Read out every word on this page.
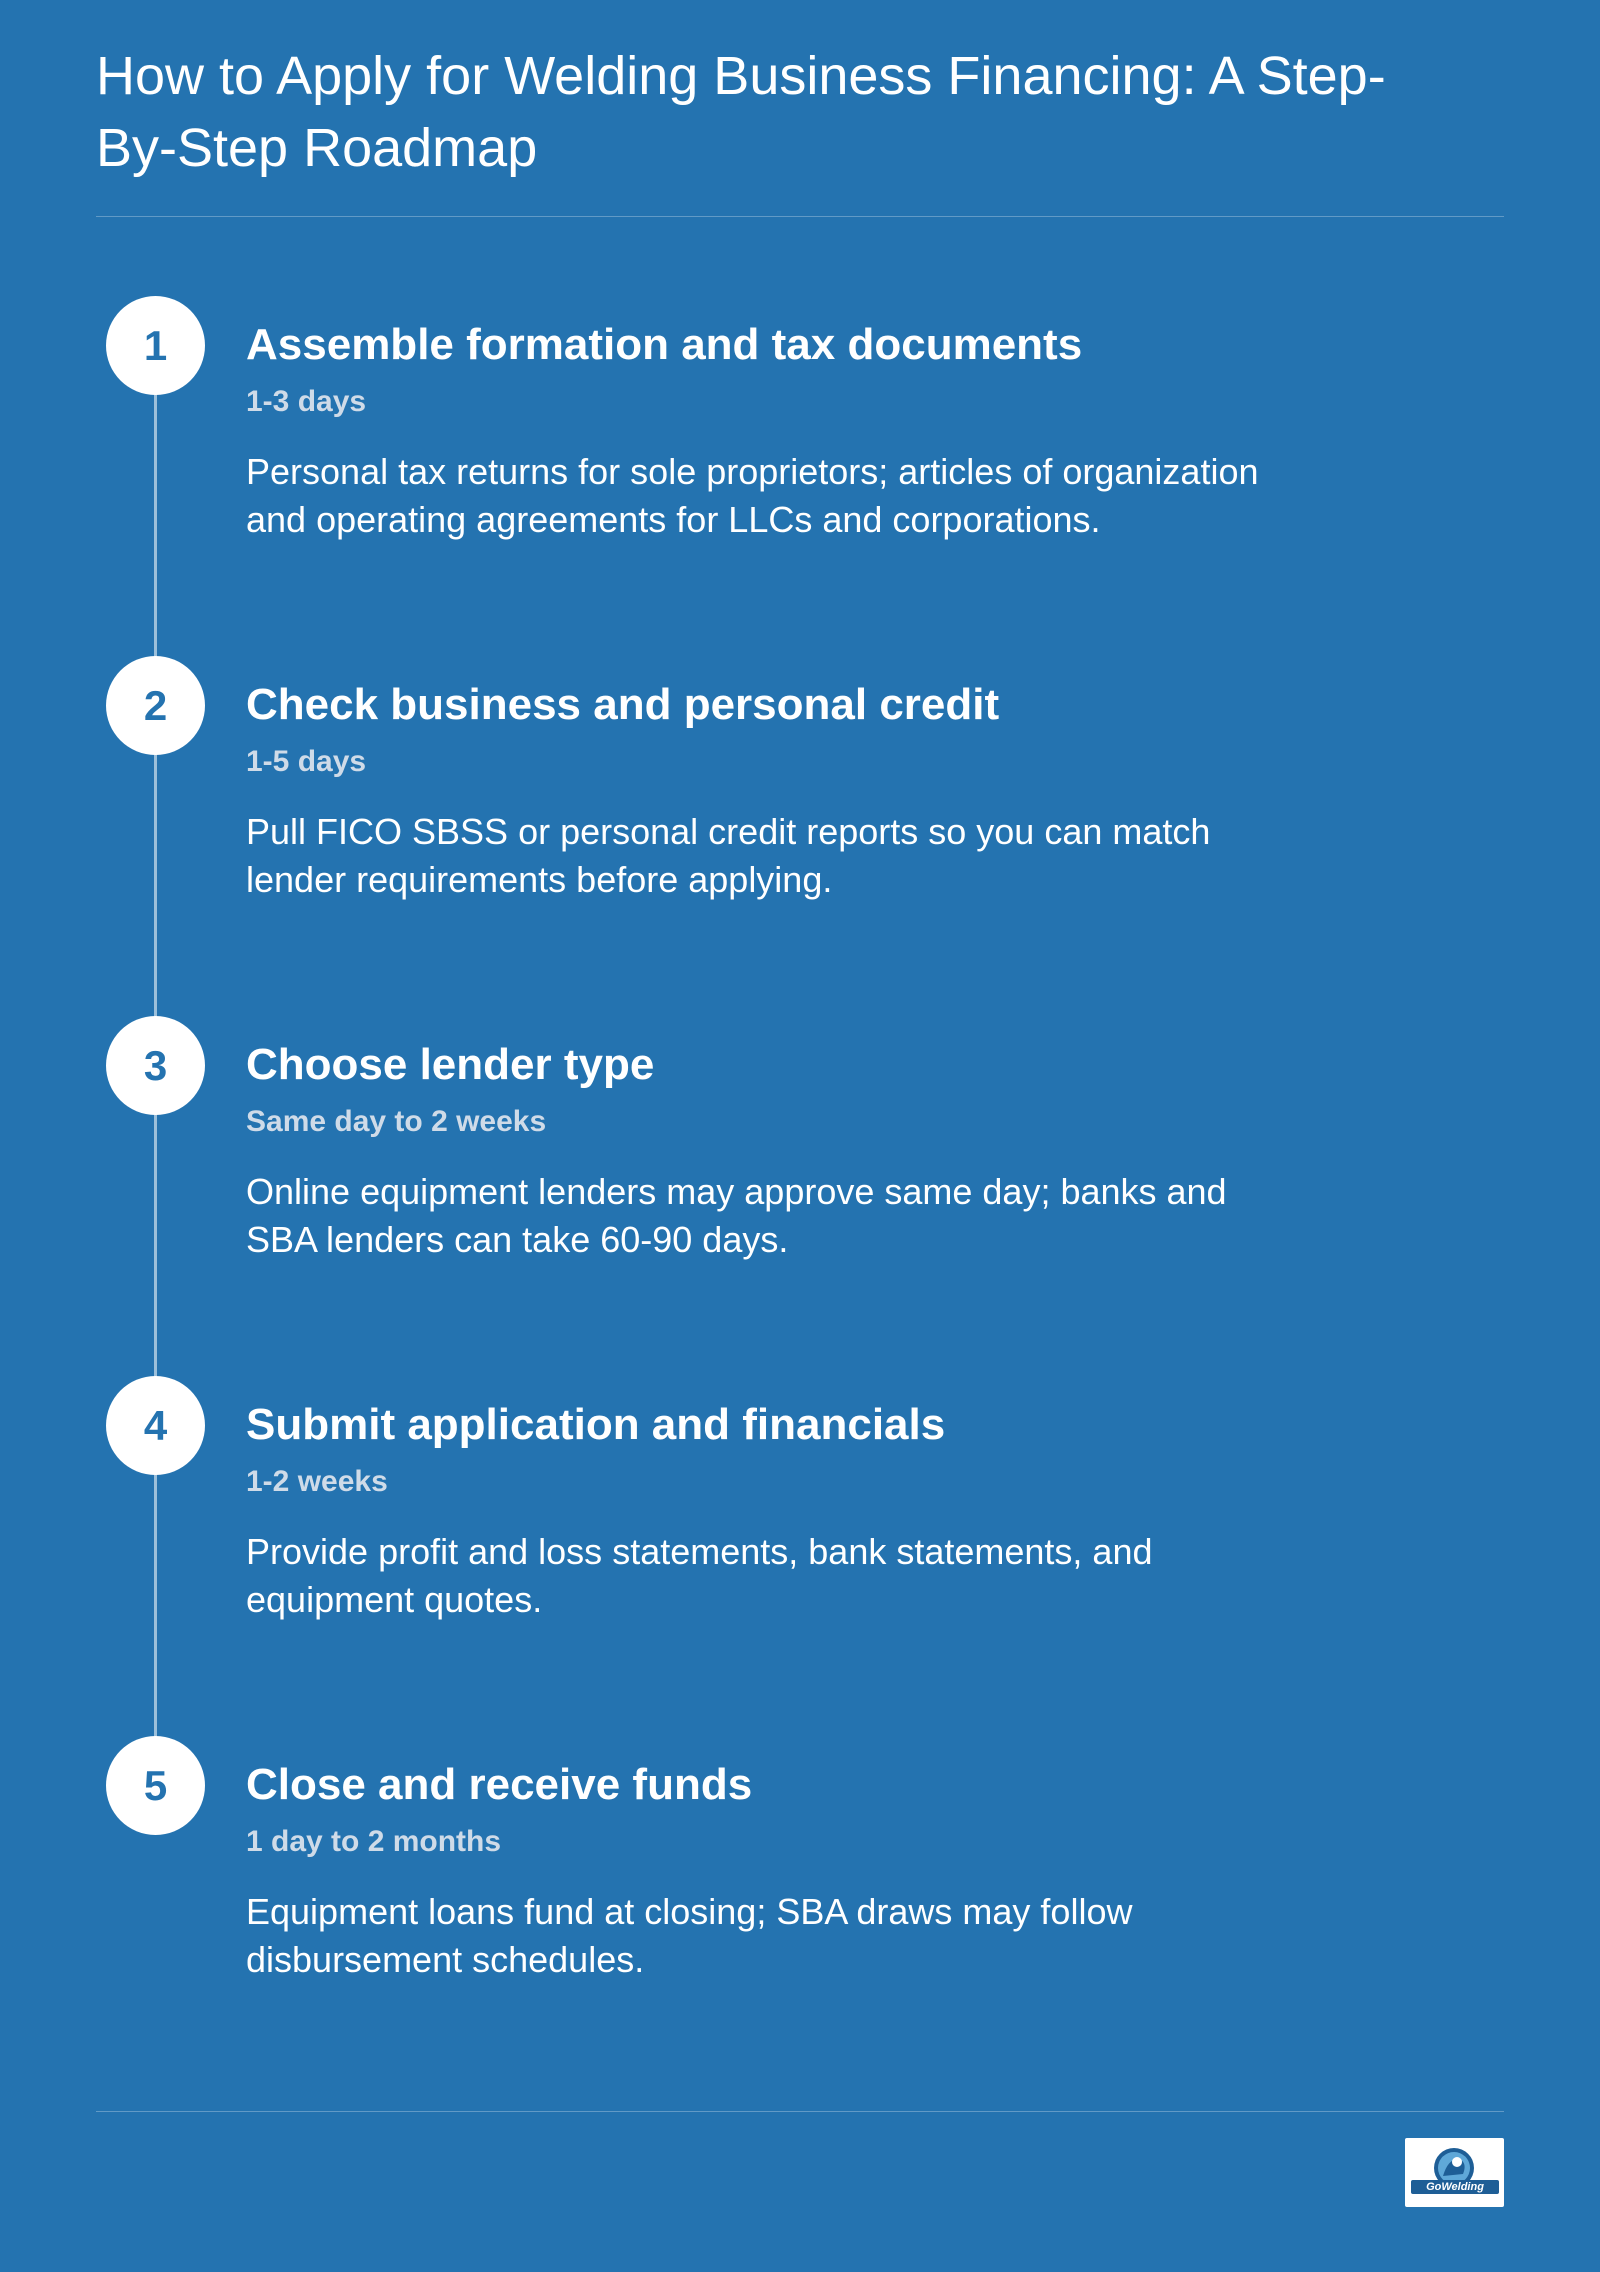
How to Apply for Welding Business Financing: A Step-By-Step Roadmap
1	Assemble formation and tax documents
1-3 days

Personal tax returns for sole proprietors; articles of organization and operating agreements for LLCs and corporations.

2	Check business and personal credit
1-5 days

Pull FICO SBSS or personal credit reports so you can match lender requirements before applying.

3	Choose lender type
Same day to 2 weeks

Online equipment lenders may approve same day; banks and SBA lenders can take 60-90 days.

4	Submit application and financials
1-2 weeks

Provide profit and loss statements, bank statements, and equipment quotes.

5	Close and receive funds
1 day to 2 months

Equipment loans fund at closing; SBA draws may follow disbursement schedules.

GoWelding
